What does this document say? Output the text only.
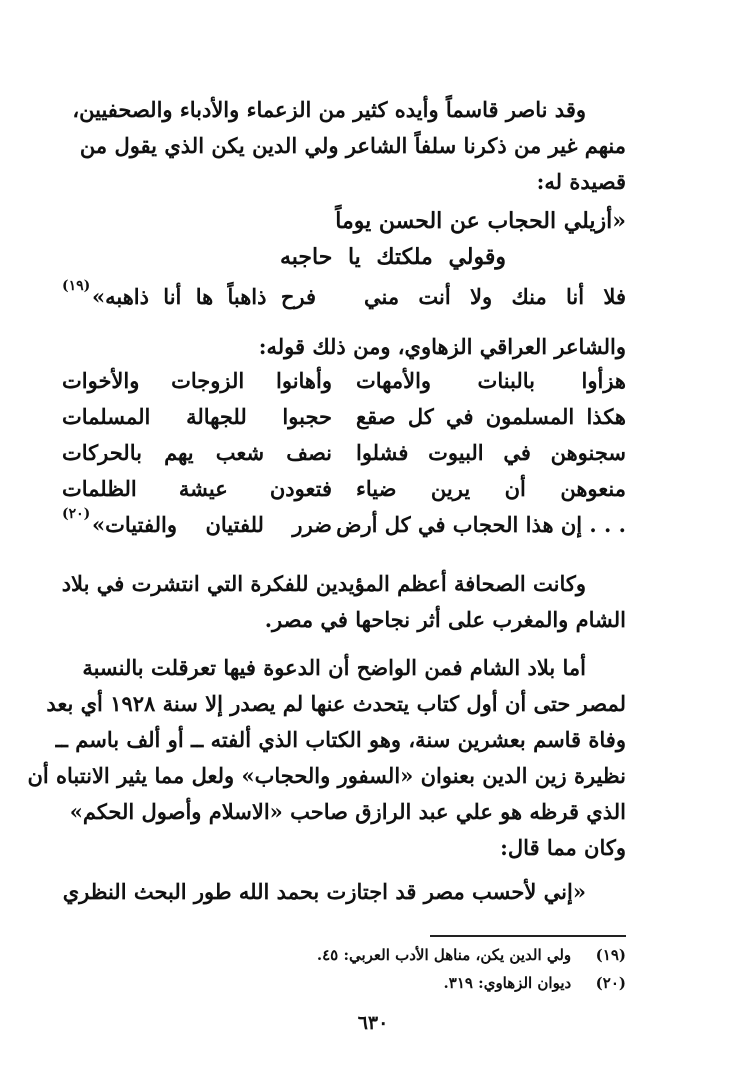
وقد ناصر قاسماً وأيده كثير من الزعماء والأدباء والصحفيين،
منهم غير من ذكرنا سلفاً الشاعر ولي الدين يكن الذي يقول من
قصيدة له:
«أزيلي الحجاب عن الحسن يوماً
وقولي ملكتك يا حاجبه
فلا أنا منك ولا أنت مني
فرح ذاهباً ها أنا ذاهبه»
(١٩)
والشاعر العراقي الزهاوي، ومن ذلك قوله:
هزأوا بالبنات والأمهات
وأهانوا الزوجات والأخوات
هكذا المسلمون في كل صقع
حجبوا للجهالة المسلمات
سجنوهن في البيوت فشلوا
نصف شعب يهم بالحركات
منعوهن أن يرين ضياء
فتعودن عيشة الظلمات
. . . إن هذا الحجاب في كل أرض
ضرر للفتيان والفتيات»
(٢٠)
وكانت الصحافة أعظم المؤيدين للفكرة التي انتشرت في بلاد
الشام والمغرب على أثر نجاحها في مصر.
أما بلاد الشام فمن الواضح أن الدعوة فيها تعرقلت بالنسبة
لمصر حتى أن أول كتاب يتحدث عنها لم يصدر إلا سنة ١٩٢٨ أي بعد
وفاة قاسم بعشرين سنة، وهو الكتاب الذي ألفته ــ أو ألف باسم ــ
نظيرة زين الدين بعنوان «السفور والحجاب» ولعل مما يثير الانتباه أن
الذي قرظه هو علي عبد الرازق صاحب «الاسلام وأصول الحكم»
وكان مما قال:
«إني لأحسب مصر قد اجتازت بحمد الله طور البحث النظري
(١٩)  ولي الدين يكن، مناهل الأدب العربي: ٤٥.
(٢٠)  ديوان الزهاوي: ٣١٩.
٦٣٠
